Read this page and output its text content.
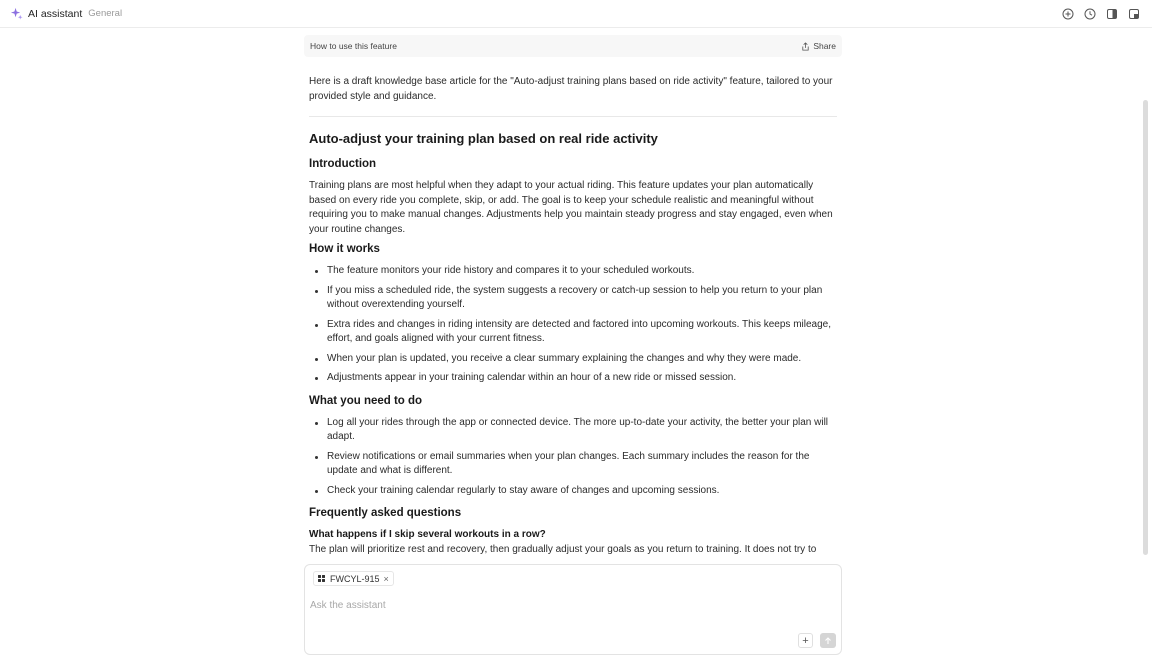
AI assistant General
How to use this feature	Share

Here is a draft knowledge base article for the "Auto-adjust training plans based on ride activity" feature, tailored to your provided style and guidance.

Auto-adjust your training plan based on real ride activity
Introduction

Training plans are most helpful when they adapt to your actual riding. This feature updates your plan automatically based on every ride you complete, skip, or add. The goal is to keep your schedule realistic and meaningful without requiring you to make manual changes. Adjustments help you maintain steady progress and stay engaged, even when your routine changes.

How it works
The feature monitors your ride history and compares it to your scheduled workouts.
If you miss a scheduled ride, the system suggests a recovery or catch-up session to help you return to your plan without overextending yourself.
Extra rides and changes in riding intensity are detected and factored into upcoming workouts. This keeps mileage, effort, and goals aligned with your current fitness.
When your plan is updated, you receive a clear summary explaining the changes and why they were made.
Adjustments appear in your training calendar within an hour of a new ride or missed session.
What you need to do
Log all your rides through the app or connected device. The more up-to-date your activity, the better your plan will adapt.
Review notifications or email summaries when your plan changes. Each summary includes the reason for the update and what is different.
Check your training calendar regularly to stay aware of changes and upcoming sessions.
Frequently asked questions

What happens if I skip several workouts in a row?

The plan will prioritize rest and recovery, then gradually adjust your goals as you return to training. It does not try to

FWCYL-915 ×
Ask the assistant
+
